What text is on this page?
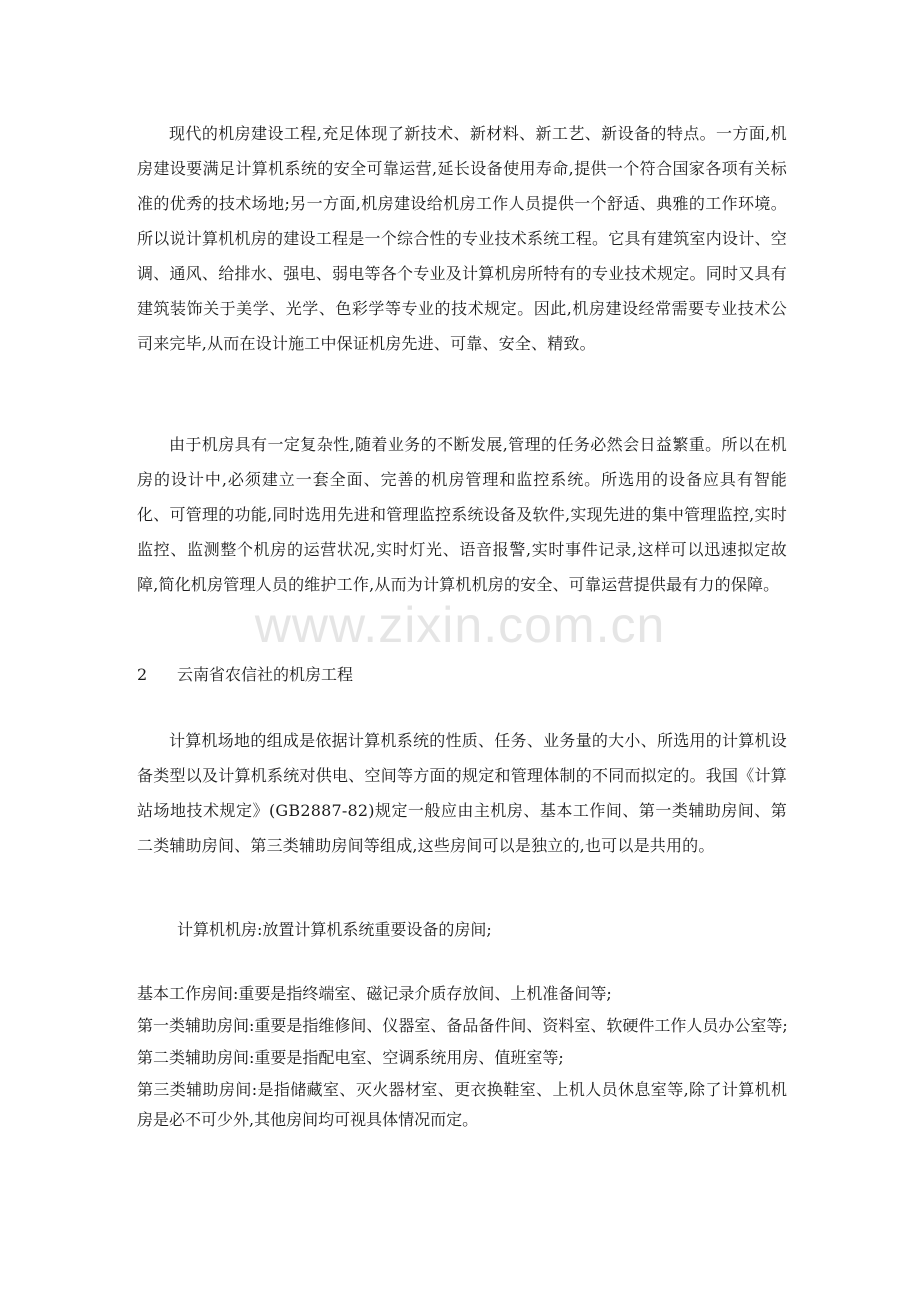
现代的机房建设工程,充足体现了新技术、新材料、新工艺、新设备的特点。一方面,机房建设要满足计算机系统的安全可靠运营,延长设备使用寿命,提供一个符合国家各项有关标准的优秀的技术场地;另一方面,机房建设给机房工作人员提供一个舒适、典雅的工作环境。所以说计算机机房的建设工程是一个综合性的专业技术系统工程。它具有建筑室内设计、空调、通风、给排水、强电、弱电等各个专业及计算机房所特有的专业技术规定。同时又具有建筑装饰关于美学、光学、色彩学等专业的技术规定。因此,机房建设经常需要专业技术公司来完毕,从而在设计施工中保证机房先进、可靠、安全、精致。

由于机房具有一定复杂性,随着业务的不断发展,管理的任务必然会日益繁重。所以在机房的设计中,必须建立一套全面、完善的机房管理和监控系统。所选用的设备应具有智能化、可管理的功能,同时选用先进和管理监控系统设备及软件,实现先进的集中管理监控,实时监控、监测整个机房的运营状况,实时灯光、语音报警,实时事件记录,这样可以迅速拟定故障,简化机房管理人员的维护工作,从而为计算机机房的安全、可靠运营提供最有力的保障。

www.zixin.com.cn
2 云南省农信社的机房工程

计算机场地的组成是依据计算机系统的性质、任务、业务量的大小、所选用的计算机设备类型以及计算机系统对供电、空间等方面的规定和管理体制的不同而拟定的。我国《计算站场地技术规定》(GB2887-82)规定一般应由主机房、基本工作间、第一类辅助房间、第二类辅助房间、第三类辅助房间等组成,这些房间可以是独立的,也可以是共用的。

计算机机房:放置计算机系统重要设备的房间;

基本工作房间:重要是指终端室、磁记录介质存放间、上机准备间等;

第一类辅助房间:重要是指维修间、仪器室、备品备件间、资料室、软硬件工作人员办公室等;

第二类辅助房间:重要是指配电室、空调系统用房、值班室等;

第三类辅助房间:是指储藏室、灭火器材室、更衣换鞋室、上机人员休息室等,除了计算机机房是必不可少外,其他房间均可视具体情况而定。
